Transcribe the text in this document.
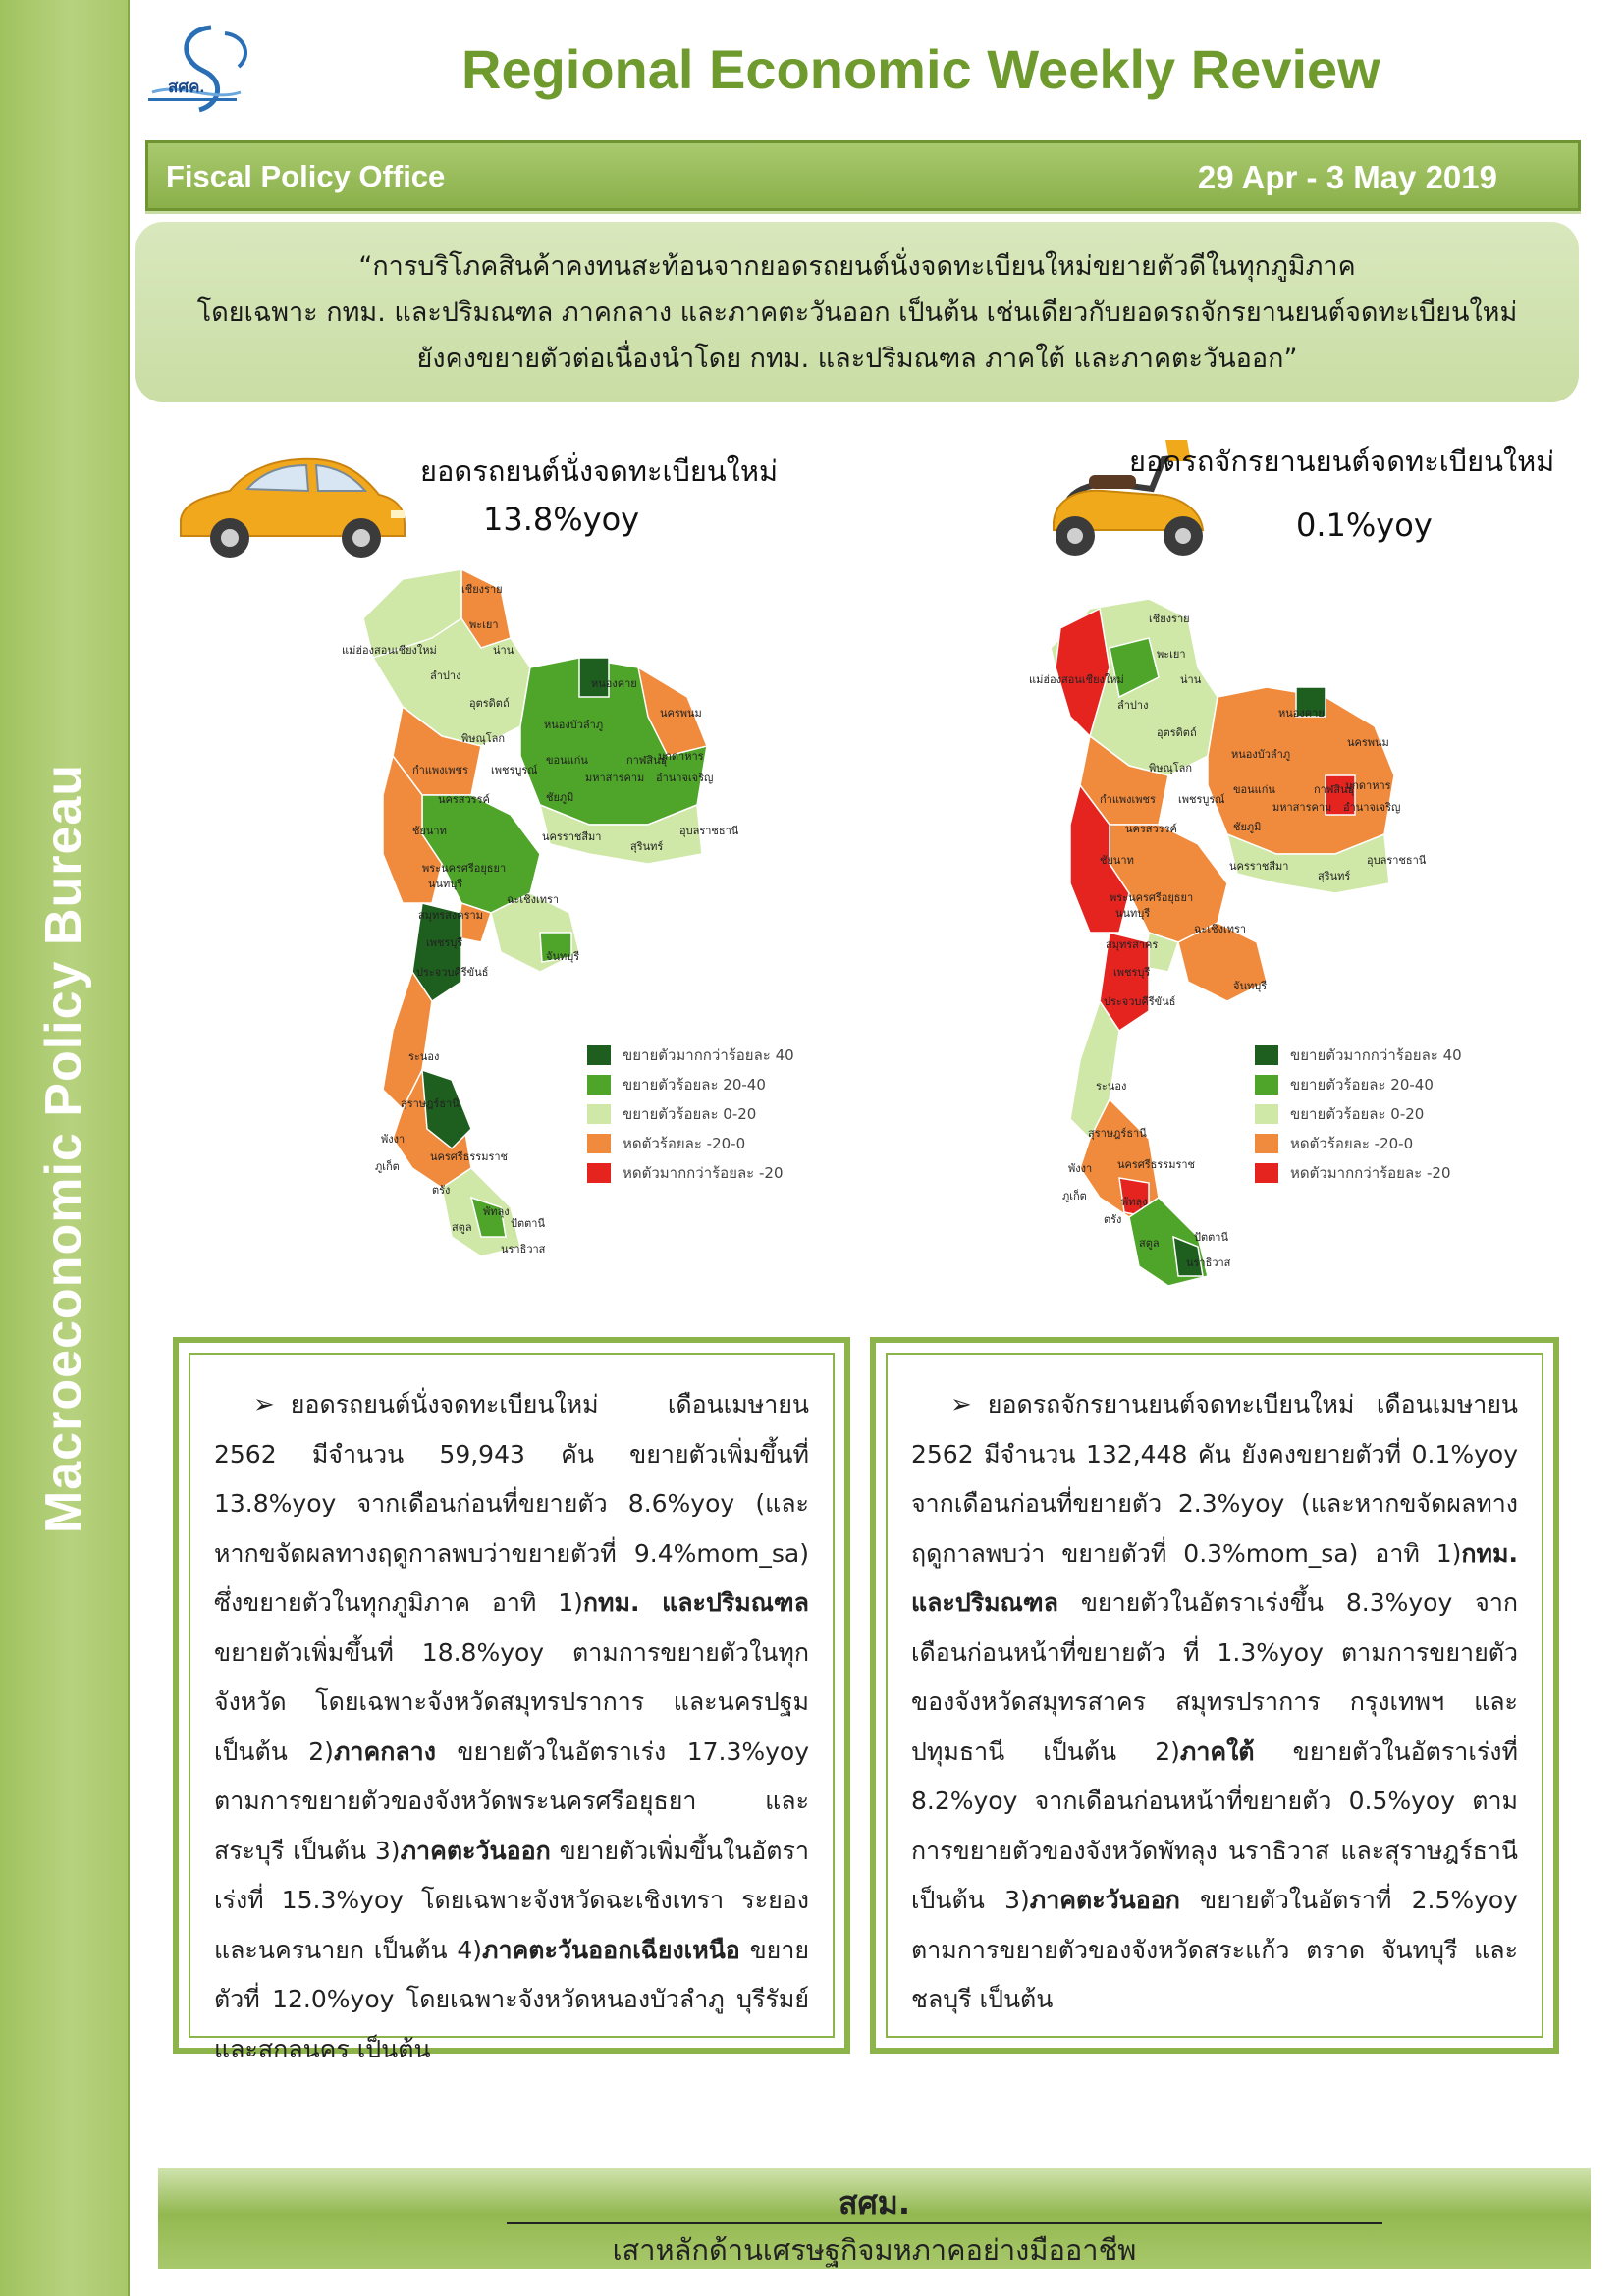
Macroeconomic Policy Bureau
สศค.	Regional Economic Weekly Review
Fiscal Policy Office	29 Apr - 3 May 2019
“การบริโภคสินค้าคงทนสะท้อนจากยอดรถยนต์นั่งจดทะเบียนใหม่ขยายตัวดีในทุกภูมิภาค
โดยเฉพาะ กทม. และปริมณฑล ภาคกลาง และภาคตะวันออก เป็นต้น เช่นเดียวกับยอดรถจักรยานยนต์จดทะเบียนใหม่
ยังคงขยายตัวต่อเนื่องนำโดย กทม. และปริมณฑล ภาคใต้ และภาคตะวันออก”
ยอดรถยนต์นั่งจดทะเบียนใหม่
13.8%yoy
ยอดรถจักรยานยนต์จดทะเบียนใหม่
0.1%yoy
เชียงราย
พะเยา
น่าน
แม่ฮ่องสอนเชียงใหม่
ลำปาง
อุตรดิตถ์
พิษณุโลก
กำแพงเพชร เพชรบูรณ์
นครสวรรค์
หนองคาย
หนองบัวลำภู
นครพนม
ขอนแก่น	กาฬสินธุ์
มุกดาหาร
มหาสารคาม อำนาจเจริญ
ชัยภูมิ
นครราชสีมา	อุบลราชธานี
สุรินทร์
ชัยนาท
พระนครศรีอยุธยา
นนทบุรี
สมุทรสงคราม
ฉะเชิงเทรา
จันทบุรี
เพชรบุรี
ประจวบคีรีขันธ์
ระนอง
สุราษฎร์ธานี
พังงา
ภูเก็ต
นครศรีธรรมราช
ตรัง
พัทลุง
สตูล	ปัตตานี
นราธิวาส
ขยายตัวมากกว่าร้อยละ 40
ขยายตัวร้อยละ 20-40
ขยายตัวร้อยละ 0-20
หดตัวร้อยละ -20-0
หดตัวมากกว่าร้อยละ -20
เชียงราย
พะเยา
น่าน
แม่ฮ่องสอนเชียงใหม่
ลำปาง
อุตรดิตถ์
พิษณุโลก
กำแพงเพชร เพชรบูรณ์
นครสวรรค์
หนองคาย
หนองบัวลำภู
นครพนม
ขอนแก่น	กาฬสินธุ์
มุกดาหาร
มหาสารคาม อำนาจเจริญ
ชัยภูมิ
นครราชสีมา	อุบลราชธานี
สุรินทร์
ชัยนาท
พระนครศรีอยุธยา
นนทบุรี
สมุทรสาคร
ฉะเชิงเทรา
จันทบุรี
เพชรบุรี
ประจวบคีรีขันธ์
ระนอง
สุราษฎร์ธานี
พังงา
ภูเก็ต
นครศรีธรรมราช
พัทลุง
ตรัง
สตูล	ปัตตานี
นราธิวาส
ขยายตัวมากกว่าร้อยละ 40
ขยายตัวร้อยละ 20-40
ขยายตัวร้อยละ 0-20
หดตัวร้อยละ -20-0
หดตัวมากกว่าร้อยละ -20

➢ ยอดรถยนต์นั่งจดทะเบียนใหม่ เดือนเมษายน 2562 มีจำนวน 59,943 คัน ขยายตัวเพิ่มขึ้นที่ 13.8%yoy จากเดือนก่อนที่ขยายตัว 8.6%yoy (และหากขจัดผลทางฤดูกาลพบว่าขยายตัวที่ 9.4%mom_sa) ซึ่งขยายตัวในทุกภูมิภาค อาทิ 1)กทม. และปริมณฑล ขยายตัวเพิ่มขึ้นที่ 18.8%yoy ตามการขยายตัวในทุกจังหวัด โดยเฉพาะจังหวัดสมุทรปราการ และนครปฐม เป็นต้น 2)ภาคกลาง ขยายตัวในอัตราเร่ง 17.3%yoy ตามการขยายตัวของจังหวัดพระนครศรีอยุธยา และสระบุรี เป็นต้น 3)ภาคตะวันออก ขยายตัวเพิ่มขึ้นในอัตราเร่งที่ 15.3%yoy โดยเฉพาะจังหวัดฉะเชิงเทรา ระยอง และนครนายก เป็นต้น 4)ภาคตะวันออกเฉียงเหนือ ขยายตัวที่ 12.0%yoy โดยเฉพาะจังหวัดหนองบัวลำภู บุรีรัมย์ และสกลนคร เป็นต้น

➢ ยอดรถจักรยานยนต์จดทะเบียนใหม่ เดือนเมษายน 2562 มีจำนวน 132,448 คัน ยังคงขยายตัวที่ 0.1%yoy จากเดือนก่อนที่ขยายตัว 2.3%yoy (และหากขจัดผลทางฤดูกาลพบว่า ขยายตัวที่ 0.3%mom_sa) อาทิ 1)กทม. และปริมณฑล ขยายตัวในอัตราเร่งขึ้น 8.3%yoy จากเดือนก่อนหน้าที่ขยายตัว ที่ 1.3%yoy ตามการขยายตัวของจังหวัดสมุทรสาคร สมุทรปราการ กรุงเทพฯ และปทุมธานี เป็นต้น 2)ภาคใต้ ขยายตัวในอัตราเร่งที่ 8.2%yoy จากเดือนก่อนหน้าที่ขยายตัว 0.5%yoy ตามการขยายตัวของจังหวัดพัทลุง นราธิวาส และสุราษฎร์ธานี เป็นต้น 3)ภาคตะวันออก ขยายตัวในอัตราที่ 2.5%yoy ตามการขยายตัวของจังหวัดสระแก้ว ตราด จันทบุรี และชลบุรี เป็นต้น

สศม.
เสาหลักด้านเศรษฐกิจมหภาคอย่างมืออาชีพ
